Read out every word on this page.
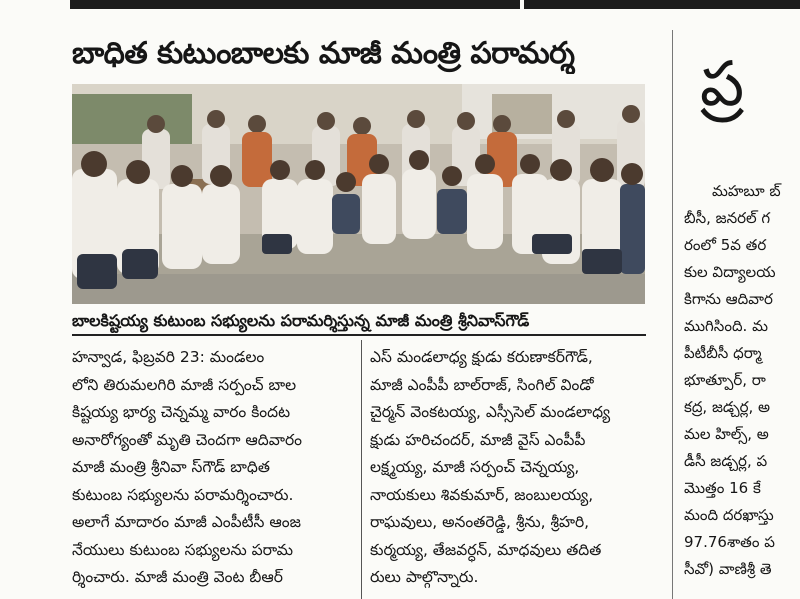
బాధిత కుటుంబాలకు మాజీ మంత్రి పరామర్శ
బాలకిష్టయ్య కుటుంబ సభ్యులను పరామర్శిస్తున్న మాజీ మంత్రి శ్రీనివాస్‌గౌడ్
హన్వాడ, ఫిబ్రవరి 23: మండలం
లోని తిరుమలగిరి మాజీ సర్పంచ్ బాల
కిష్టయ్య భార్య చెన్నమ్మ వారం కిందట
అనారోగ్యంతో మృతి చెందగా ఆదివారం
మాజీ మంత్రి శ్రీనివా స్‌గౌడ్ బాధిత
కుటుంబ సభ్యులను పరామర్శించారు.
అలాగే మాదారం మాజీ ఎంపీటీసీ ఆంజ
నేయులు కుటుంబ సభ్యులను పరామ
ర్శించారు. మాజీ మంత్రి వెంట బీఆర్
ఎస్ మండలాధ్య క్షుడు కరుణాకర్‌గౌడ్,
మాజీ ఎంపీపీ బాల్‌రాజ్, సింగిల్ విండో
చైర్మన్ వెంకటయ్య, ఎస్సీసెల్ మండలాధ్య
క్షుడు హరిచందర్, మాజీ వైస్ ఎంపీపీ
లక్ష్మయ్య, మాజీ సర్పంచ్ చెన్నయ్య,
నాయకులు శివకుమార్, జంబులయ్య,
రాఘవులు, అనంతరెడ్డి, శ్రీను, శ్రీహరి,
కుర్మయ్య, తేజవర్ధన్, మాధవులు తదిత
రులు పాల్గొన్నారు.
ప్ర
మహబూ బ్
బీసీ, జనరల్ గ
రంలో 5వ తర
కుల విద్యాలయ
కిగాను ఆదివార
ముగిసింది. మ
పీటీబీసీ ధర్మా
భూత్పూర్, రా
కద్ర, జడ్చర్ల, అ
మల హిల్స్, అ
డీసీ జడ్చర్ల, ప
మొత్తం 16 కే
మంది దరఖాస్తు
97.76శాతం ప
సీవో) వాణిశ్రీ తె
